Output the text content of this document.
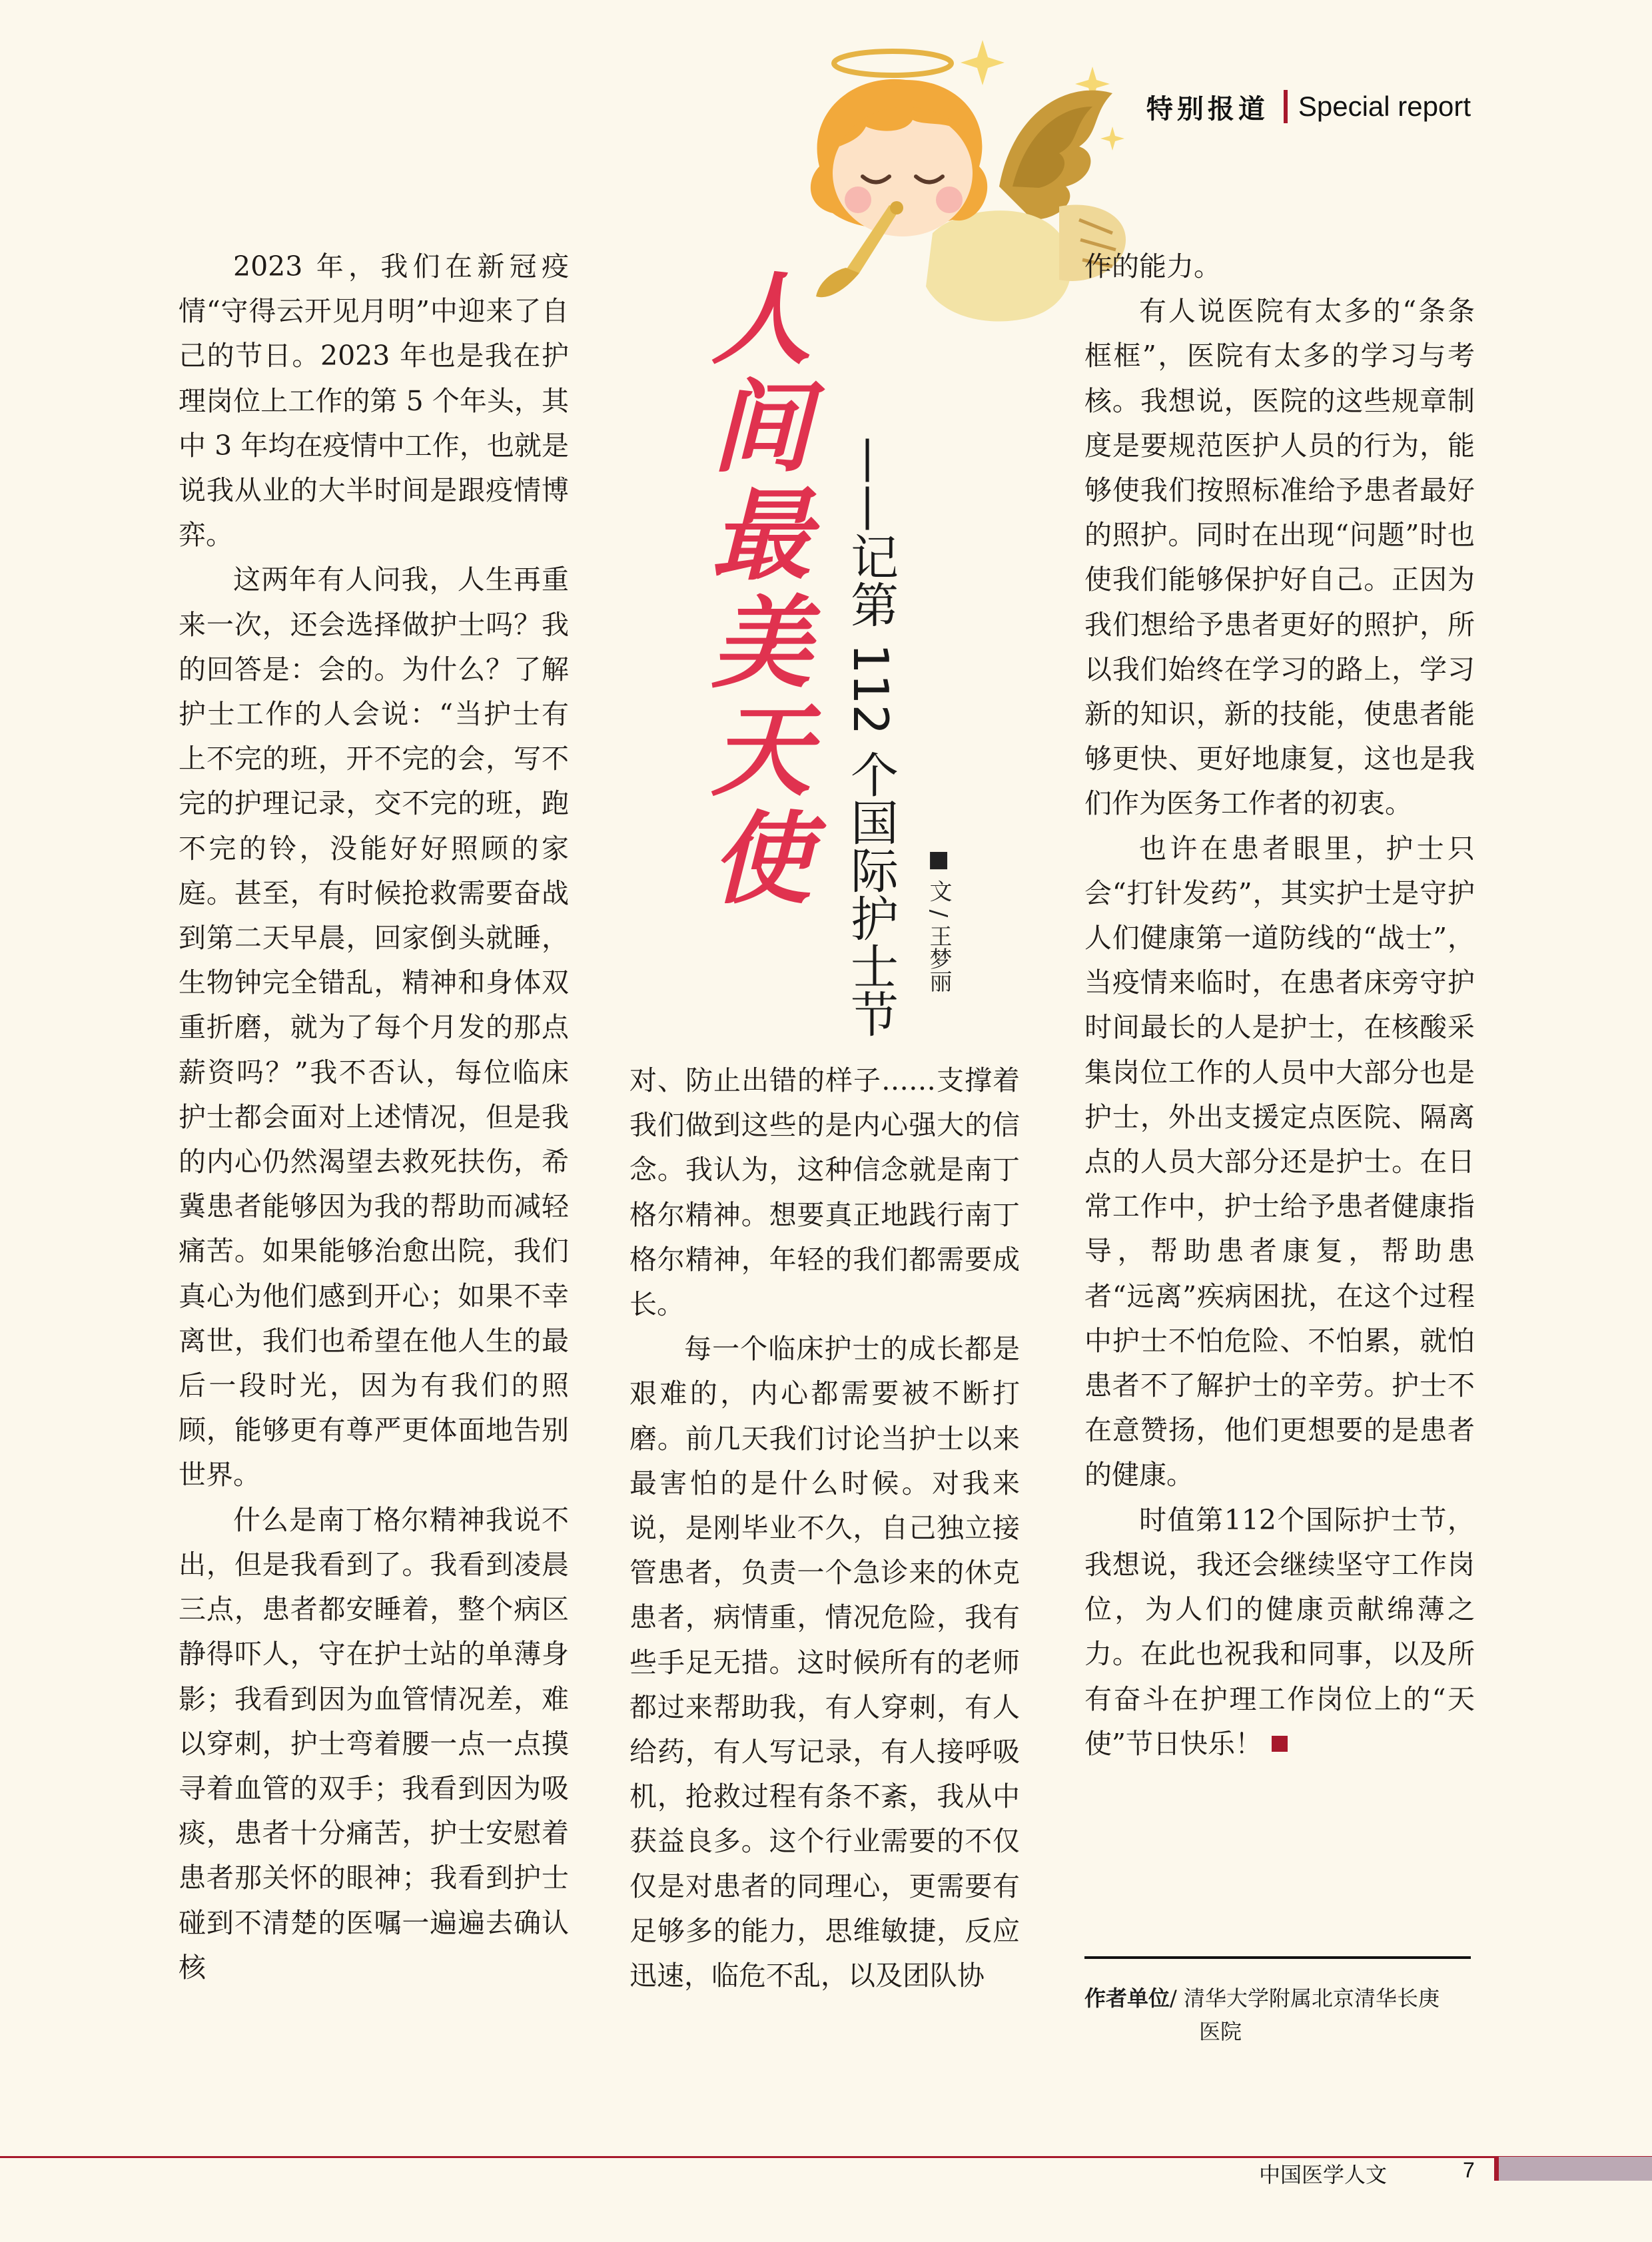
特别报道 Special report
人
间
最
美
天
使 ——记第 112 个国际护士节 ■ 文 / 王梦丽

2023 年，我们在新冠疫情“守得云开见月明”中迎来了自己的节日。2023 年也是我在护理岗位上工作的第 5 个年头，其中 3 年均在疫情中工作，也就是说我从业的大半时间是跟疫情博弈。

这两年有人问我，人生再重来一次，还会选择做护士吗？我的回答是：会的。为什么？了解护士工作的人会说：“当护士有上不完的班，开不完的会，写不完的护理记录，交不完的班，跑不完的铃，没能好好照顾的家庭。甚至，有时候抢救需要奋战到第二天早晨，回家倒头就睡，生物钟完全错乱，精神和身体双重折磨，就为了每个月发的那点薪资吗？”我不否认，每位临床护士都会面对上述情况，但是我的内心仍然渴望去救死扶伤，希冀患者能够因为我的帮助而减轻痛苦。如果能够治愈出院，我们真心为他们感到开心；如果不幸离世，我们也希望在他人生的最后一段时光，因为有我们的照顾，能够更有尊严更体面地告别世界。

什么是南丁格尔精神我说不出，但是我看到了。我看到凌晨三点，患者都安睡着，整个病区静得吓人，守在护士站的单薄身影；我看到因为血管情况差，难以穿刺，护士弯着腰一点一点摸寻着血管的双手；我看到因为吸痰，患者十分痛苦，护士安慰着患者那关怀的眼神；我看到护士碰到不清楚的医嘱一遍遍去确认核

对、防止出错的样子……支撑着我们做到这些的是内心强大的信念。我认为，这种信念就是南丁格尔精神。想要真正地践行南丁格尔精神，年轻的我们都需要成长。

每一个临床护士的成长都是艰难的，内心都需要被不断打磨。前几天我们讨论当护士以来最害怕的是什么时候。对我来说，是刚毕业不久，自己独立接管患者，负责一个急诊来的休克患者，病情重，情况危险，我有些手足无措。这时候所有的老师都过来帮助我，有人穿刺，有人给药，有人写记录，有人接呼吸机，抢救过程有条不紊，我从中获益良多。这个行业需要的不仅仅是对患者的同理心，更需要有足够多的能力，思维敏捷，反应迅速，临危不乱，以及团队协

作的能力。

有人说医院有太多的“条条框框”，医院有太多的学习与考核。我想说，医院的这些规章制度是要规范医护人员的行为，能够使我们按照标准给予患者最好的照护。同时在出现“问题”时也使我们能够保护好自己。正因为我们想给予患者更好的照护，所以我们始终在学习的路上，学习新的知识，新的技能，使患者能够更快、更好地康复，这也是我们作为医务工作者的初衷。

也许在患者眼里，护士只会“打针发药”，其实护士是守护人们健康第一道防线的“战士”，当疫情来临时，在患者床旁守护时间最长的人是护士，在核酸采集岗位工作的人员中大部分也是护士，外出支援定点医院、隔离点的人员大部分还是护士。在日常工作中，护士给予患者健康指导，帮助患者康复，帮助患者“远离”疾病困扰，在这个过程中护士不怕危险、不怕累，就怕患者不了解护士的辛劳。护士不在意赞扬，他们更想要的是患者的健康。

时值第112个国际护士节，我想说，我还会继续坚守工作岗位，为人们的健康贡献绵薄之力。在此也祝我和同事，以及所有奋斗在护理工作岗位上的“天使”节日快乐！

作者单位/ 清华大学附属北京清华长庚
医院
中国医学人文	7
